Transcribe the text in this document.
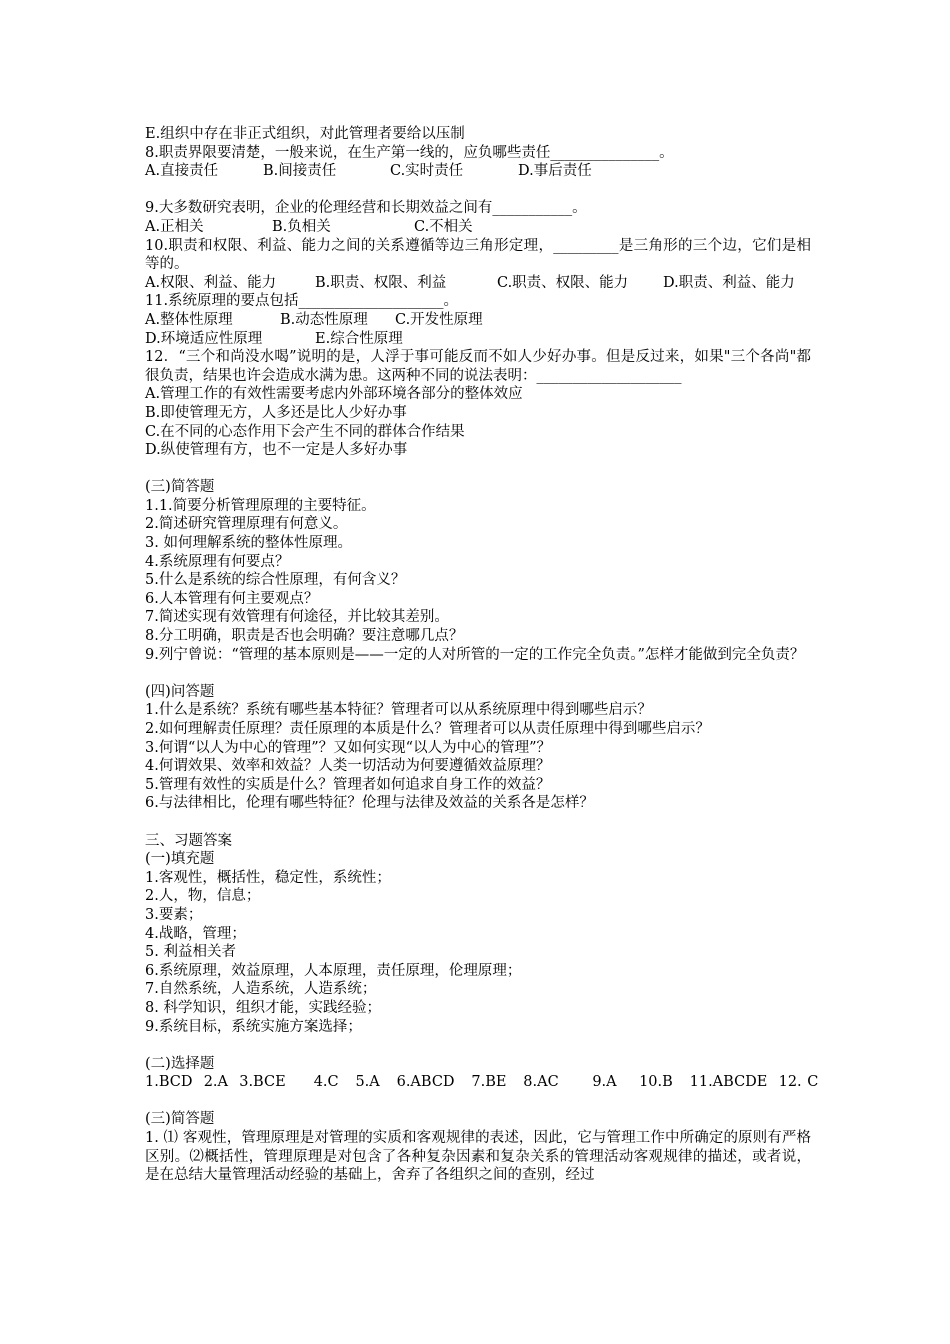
E.组织中存在非正式组织，对此管理者要给以压制
8.职责界限要清楚，一般来说，在生产第一线的，应负哪些责任_______________。
A.直接责任	B.间接责任	C.实时责任	D.事后责任
9.大多数研究表明，企业的伦理经营和长期效益之间有___________。
A.正相关	B.负相关	C.不相关
10.职责和权限、利益、能力之间的关系遵循等边三角形定理，_________是三角形的三个边，它们是相等的。
A.权限、利益、能力	B.职责、权限、利益	C.职责、权限、能力	D.职责、利益、能力
11.系统原理的要点包括____________________。
A.整体性原理	B.动态性原理	C.开发性原理
D.环境适应性原理	E.综合性原理
12．“三个和尚没水喝”说明的是，人浮于事可能反而不如人少好办事。但是反过来，如果"三个各尚"都很负责，结果也许会造成水满为患。这两种不同的说法表明：____________________
A.管理工作的有效性需要考虑内外部环境各部分的整体效应
B.即使管理无方，人多还是比人少好办事
C.在不同的心态作用下会产生不同的群体合作结果
D.纵使管理有方，也不一定是人多好办事
(三)简答题
1.1.简要分析管理原理的主要特征。
2.简述研究管理原理有何意义。
3. 如何理解系统的整体性原理。
4.系统原理有何要点？
5.什么是系统的综合性原理，有何含义？
6.人本管理有何主要观点？
7.简述实现有效管理有何途径，并比较其差别。
8.分工明确，职责是否也会明确？要注意哪几点？
9.列宁曾说：“管理的基本原则是——一定的人对所管的一定的工作完全负责。”怎样才能做到完全负责？
(四)问答题
1.什么是系统？系统有哪些基本特征？管理者可以从系统原理中得到哪些启示？
2.如何理解责任原理？责任原理的本质是什么？管理者可以从责任原理中得到哪些启示？
3.何谓“以人为中心的管理”？又如何实现“以人为中心的管理”？
4.何谓效果、效率和效益？人类一切活动为何要遵循效益原理？
5.管理有效性的实质是什么？管理者如何追求自身工作的效益？
6.与法律相比，伦理有哪些特征？伦理与法律及效益的关系各是怎样？
三、习题答案
(一)填充题
1.客观性，概括性，稳定性，系统性；
2.人，物，信息；
3.要素；
4.战略，管理；
5. 利益相关者
6.系统原理，效益原理，人本原理，责任原理，伦理原理；
7.自然系统，人造系统，人造系统；
8. 科学知识，组织才能，实践经验；
9.系统目标，系统实施方案选择；
(二)选择题
1.BCD  2.A  3.BCE     4.C   5.A   6.ABCD   7.BE   8.AC      9.A    10.B   11.ABCDE  12. C
(三)简答题
1. ⑴ 客观性，管理原理是对管理的实质和客观规律的表述，因此，它与管理工作中所确定的原则有严格区别。⑵概括性，管理原理是对包含了各种复杂因素和复杂关系的管理活动客观规律的描述，或者说，是在总结大量管理活动经验的基础上，舍弃了各组织之间的查别，经过
